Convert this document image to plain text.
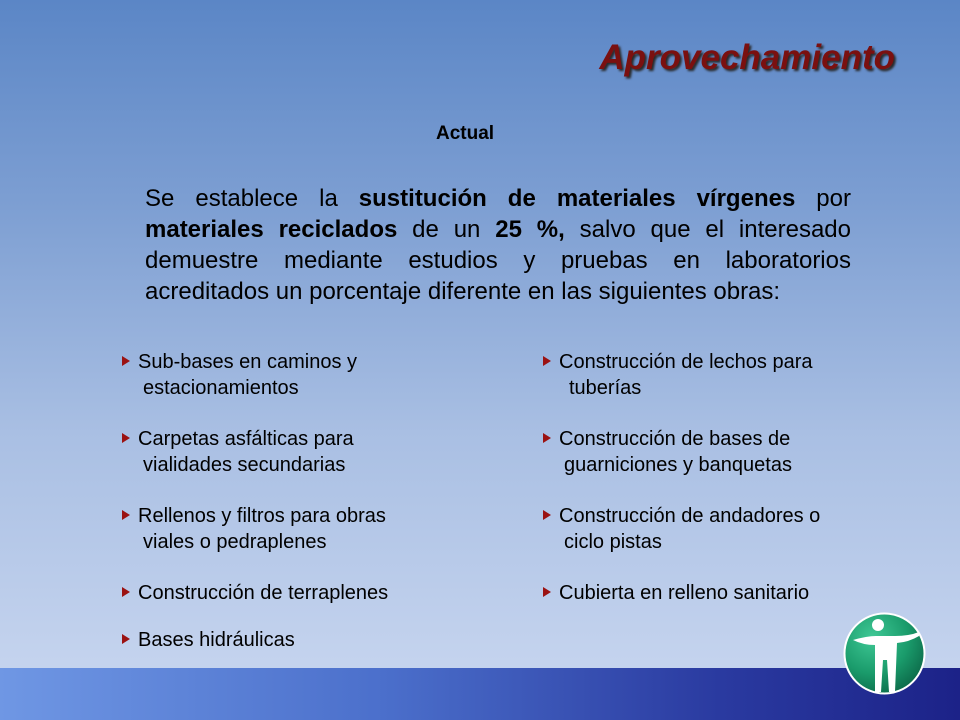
Aprovechamiento
Actual

Se establece la sustitución de materiales vírgenes por materiales reciclados de un 25 %, salvo que el interesado demuestre mediante estudios y pruebas en laboratorios acreditados un porcentaje diferente en las siguientes obras:

Sub-bases en caminos y
estacionamientos
Carpetas asfálticas para
vialidades secundarias
Rellenos y filtros para obras
viales o pedraplenes
Construcción de terraplenes
Bases hidráulicas
Construcción de lechos para
tuberías
Construcción de bases de
guarniciones y banquetas
Construcción de andadores o
ciclo pistas
Cubierta en relleno sanitario
